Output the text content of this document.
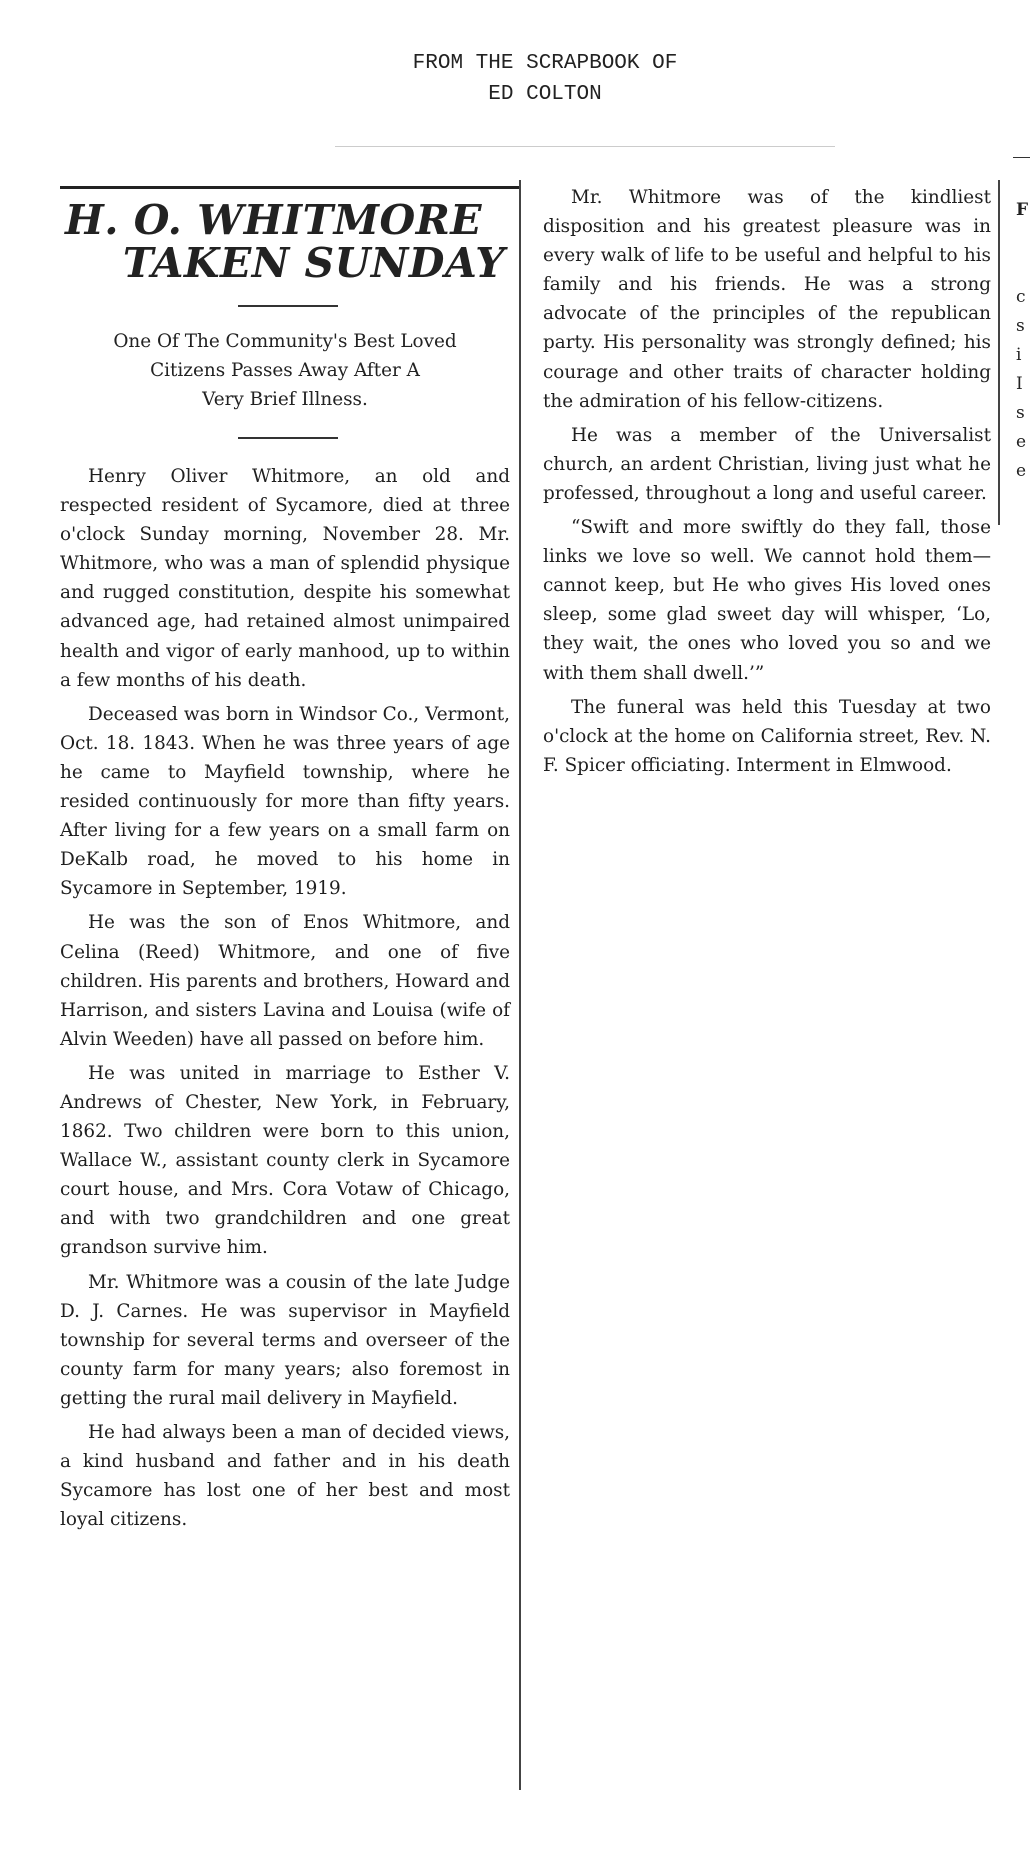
FROM THE SCRAPBOOK OF
ED COLTON
H. O. WHITMORE
TAKEN SUNDAY
One Of The Community's Best Loved
Citizens Passes Away After A
Very Brief Illness.

Henry Oliver Whitmore, an old and respected resident of Sycamore, died at three o'clock Sunday morning, November 28. Mr. Whitmore, who was a man of splendid physique and rugged constitution, despite his somewhat advanced age, had retained almost unimpaired health and vigor of early manhood, up to within a few months of his death.

Deceased was born in Windsor Co., Vermont, Oct. 18. 1843. When he was three years of age he came to Mayfield township, where he resided continuously for more than fifty years. After living for a few years on a small farm on DeKalb road, he moved to his home in Sycamore in September, 1919.

He was the son of Enos Whitmore, and Celina (Reed) Whitmore, and one of five children. His parents and brothers, Howard and Harrison, and sisters Lavina and Louisa (wife of Alvin Weeden) have all passed on before him.

He was united in marriage to Esther V. Andrews of Chester, New York, in February, 1862. Two children were born to this union, Wallace W., assistant county clerk in Sycamore court house, and Mrs. Cora Votaw of Chicago, and with two grandchildren and one great grandson survive him.

Mr. Whitmore was a cousin of the late Judge D. J. Carnes. He was supervisor in Mayfield township for several terms and overseer of the county farm for many years; also foremost in getting the rural mail delivery in Mayfield.

He had always been a man of decided views, a kind husband and father and in his death Sycamore has lost one of her best and most loyal citizens.

Mr. Whitmore was of the kindliest disposition and his greatest pleasure was in every walk of life to be useful and helpful to his family and his friends. He was a strong advocate of the principles of the republican party. His personality was strongly defined; his courage and other traits of character holding the admiration of his fellow-citizens.

He was a member of the Universalist church, an ardent Christian, living just what he professed, throughout a long and useful career.

“Swift and more swiftly do they fall, those links we love so well. We cannot hold them—cannot keep, but He who gives His loved ones sleep, some glad sweet day will whisper, ‘Lo, they wait, the ones who loved you so and we with them shall dwell.’”

The funeral was held this Tuesday at two o'clock at the home on California street, Rev. N. F. Spicer officiating. Interment in Elmwood.

F
c
s
i
I
s
e
e
